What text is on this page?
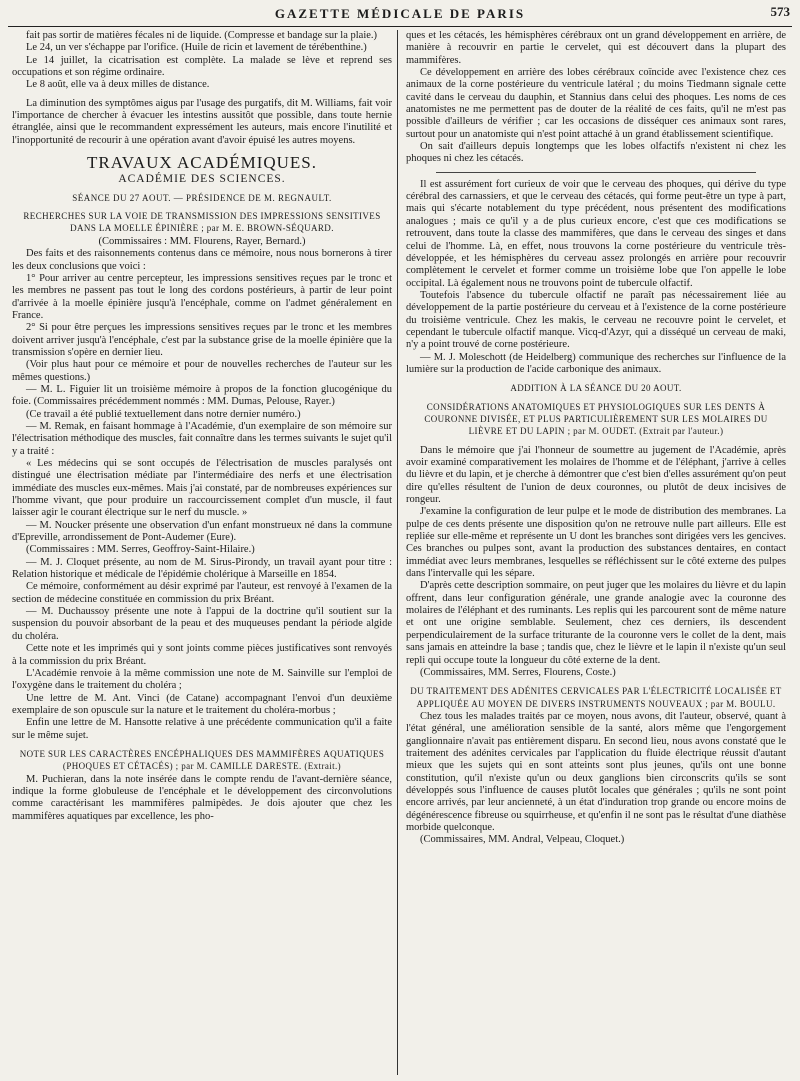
GAZETTE MÉDICALE DE PARIS	573

fait pas sortir de matières fécales ni de liquide. (Compresse et bandage sur la plaie.)

Le 24, un ver s'échappe par l'orifice. (Huile de ricin et lavement de térébenthine.)

Le 14 juillet, la cicatrisation est complète. La malade se lève et reprend ses occupations et son régime ordinaire.

Le 8 août, elle va à deux milles de distance.

La diminution des symptômes aigus par l'usage des purgatifs, dit M. Williams, fait voir l'importance de chercher à évacuer les intestins aussitôt que possible, dans toute hernie étranglée, ainsi que le recommandent expressément les auteurs, mais encore l'inutilité et l'inopportunité de recourir à une opération avant d'avoir épuisé les autres moyens.

TRAVAUX ACADÉMIQUES.
ACADÉMIE DES SCIENCES.
SÉANCE DU 27 AOUT. — PRÉSIDENCE DE M. REGNAULT.
RECHERCHES SUR LA VOIE DE TRANSMISSION DES IMPRESSIONS SENSITIVES DANS LA MOELLE ÉPINIÈRE ; par M. E. BROWN-SÉQUARD.

(Commissaires : MM. Flourens, Rayer, Bernard.)

Des faits et des raisonnements contenus dans ce mémoire, nous nous bornerons à tirer les deux conclusions que voici :

1° Pour arriver au centre percepteur, les impressions sensitives reçues par le tronc et les membres ne passent pas tout le long des cordons postérieurs, à partir de leur point d'arrivée à la moelle épinière jusqu'à l'encéphale, comme on l'admet généralement en France.

2° Si pour être perçues les impressions sensitives reçues par le tronc et les membres doivent arriver jusqu'à l'encéphale, c'est par la substance grise de la moelle épinière que la transmission s'opère en dernier lieu.

(Voir plus haut pour ce mémoire et pour de nouvelles recherches de l'auteur sur les mêmes questions.)

— M. L. Figuier lit un troisième mémoire à propos de la fonction glucogénique du foie. (Commissaires précédemment nommés : MM. Dumas, Pelouse, Rayer.)

(Ce travail a été publié textuellement dans notre dernier numéro.)

— M. Remak, en faisant hommage à l'Académie, d'un exemplaire de son mémoire sur l'électrisation méthodique des muscles, fait connaître dans les termes suivants le sujet qu'il y a traité :

« Les médecins qui se sont occupés de l'électrisation de muscles paralysés ont distingué une électrisation médiate par l'intermédiaire des nerfs et une électrisation immédiate des muscles eux-mêmes. Mais j'ai constaté, par de nombreuses expériences sur l'homme vivant, que pour produire un raccourcissement complet d'un muscle, il faut laisser agir le courant électrique sur le nerf du muscle. »

— M. Noucker présente une observation d'un enfant monstrueux né dans la commune d'Epreville, arrondissement de Pont-Audemer (Eure).

(Commissaires : MM. Serres, Geoffroy-Saint-Hilaire.)

— M. J. Cloquet présente, au nom de M. Sirus-Pirondy, un travail ayant pour titre : Relation historique et médicale de l'épidémie cholérique à Marseille en 1854.

Ce mémoire, conformément au désir exprimé par l'auteur, est renvoyé à l'examen de la section de médecine constituée en commission du prix Bréant.

— M. Duchaussoy présente une note à l'appui de la doctrine qu'il soutient sur la suspension du pouvoir absorbant de la peau et des muqueuses pendant la période algide du choléra.

Cette note et les imprimés qui y sont joints comme pièces justificatives sont renvoyés à la commission du prix Bréant.

L'Académie renvoie à la même commission une note de M. Sainville sur l'emploi de l'oxygène dans le traitement du choléra ;

Une lettre de M. Ant. Vinci (de Catane) accompagnant l'envoi d'un deuxième exemplaire de son opuscule sur la nature et le traitement du choléra-morbus ;

Enfin une lettre de M. Hansotte relative à une précédente communication qu'il a faite sur le même sujet.

NOTE SUR LES CARACTÈRES ENCÉPHALIQUES DES MAMMIFÈRES AQUATIQUES (PHOQUES ET CÉTACÉS) ; par M. CAMILLE DARESTE. (Extrait.)

M. Puchieran, dans la note insérée dans le compte rendu de l'avant-dernière séance, indique la forme globuleuse de l'encéphale et le développement des circonvolutions comme caractérisant les mammifères palmipèdes. Je dois ajouter que chez les mammifères aquatiques par excellence, les pho-

ques et les cétacés, les hémisphères cérébraux ont un grand développement en arrière, de manière à recouvrir en partie le cervelet, qui est découvert dans la plupart des mammifères.

Ce développement en arrière des lobes cérébraux coïncide avec l'existence chez ces animaux de la corne postérieure du ventricule latéral ; du moins Tiedmann signale cette cavité dans le cerveau du dauphin, et Stannius dans celui des phoques. Les noms de ces anatomistes ne me permettent pas de douter de la réalité de ces faits, qu'il ne m'est pas possible d'ailleurs de vérifier ; car les occasions de disséquer ces animaux sont rares, surtout pour un anatomiste qui n'est point attaché à un grand établissement scientifique.

On sait d'ailleurs depuis longtemps que les lobes olfactifs n'existent ni chez les phoques ni chez les cétacés.

Il est assurément fort curieux de voir que le cerveau des phoques, qui dérive du type cérébral des carnassiers, et que le cerveau des cétacés, qui forme peut-être un type à part, mais qui s'écarte notablement du type précédent, nous présentent des modifications analogues ; mais ce qu'il y a de plus curieux encore, c'est que ces modifications se retrouvent, dans toute la classe des mammifères, que dans le cerveau des singes et dans celui de l'homme. Là, en effet, nous trouvons la corne postérieure du ventricule très-développée, et les hémisphères du cerveau assez prolongés en arrière pour recouvrir complètement le cervelet et former comme un troisième lobe que l'on appelle le lobe occipital. Là également nous ne trouvons point de tubercule olfactif.

Toutefois l'absence du tubercule olfactif ne paraît pas nécessairement liée au développement de la partie postérieure du cerveau et à l'existence de la corne postérieure du troisième ventricule. Chez les makis, le cerveau ne recouvre point le cervelet, et cependant le tubercule olfactif manque. Vicq-d'Azyr, qui a disséqué un cerveau de maki, n'y a point trouvé de corne postérieure.

— M. J. Moleschott (de Heidelberg) communique des recherches sur l'influence de la lumière sur la production de l'acide carbonique des animaux.

ADDITION À LA SÉANCE DU 20 AOUT.
CONSIDÉRATIONS ANATOMIQUES ET PHYSIOLOGIQUES SUR LES DENTS À COURONNE DIVISÉE, ET PLUS PARTICULIÈREMENT SUR LES MOLAIRES DU LIÈVRE ET DU LAPIN ; par M. OUDET. (Extrait par l'auteur.)

Dans le mémoire que j'ai l'honneur de soumettre au jugement de l'Académie, après avoir examiné comparativement les molaires de l'homme et de l'éléphant, j'arrive à celles du lièvre et du lapin, et je cherche à démontrer que c'est bien d'elles assurément qu'on peut dire qu'elles résultent de l'union de deux couronnes, ou plutôt de deux incisives de rongeur.

J'examine la configuration de leur pulpe et le mode de distribution des membranes. La pulpe de ces dents présente une disposition qu'on ne retrouve nulle part ailleurs. Elle est repliée sur elle-même et représente un U dont les branches sont dirigées vers les gencives. Ces branches ou pulpes sont, avant la production des substances dentaires, en contact immédiat avec leurs membranes, lesquelles se réfléchissent sur le côté externe des pulpes dans l'intervalle qui les sépare.

D'après cette description sommaire, on peut juger que les molaires du lièvre et du lapin offrent, dans leur configuration générale, une grande analogie avec la couronne des molaires de l'éléphant et des ruminants. Les replis qui les parcourent sont de même nature et ont une origine semblable. Seulement, chez ces derniers, ils descendent perpendiculairement de la surface triturante de la couronne vers le collet de la dent, mais sans jamais en atteindre la base ; tandis que, chez le lièvre et le lapin il n'existe qu'un seul repli qui occupe toute la longueur du côté externe de la dent.

(Commissaires, MM. Serres, Flourens, Coste.)

DU TRAITEMENT DES ADÉNITES CERVICALES PAR L'ÉLECTRICITÉ LOCALISÉE ET APPLIQUÉE AU MOYEN DE DIVERS INSTRUMENTS NOUVEAUX ; par M. BOULU.

Chez tous les malades traités par ce moyen, nous avons, dit l'auteur, observé, quant à l'état général, une amélioration sensible de la santé, alors même que l'engorgement ganglionnaire n'avait pas entièrement disparu. En second lieu, nous avons constaté que le traitement des adénites cervicales par l'application du fluide électrique réussit d'autant mieux que les sujets qui en sont atteints sont plus jeunes, qu'ils ont une bonne constitution, qu'il n'existe qu'un ou deux ganglions bien circonscrits qu'ils se sont développés sous l'influence de causes plutôt locales que générales ; qu'ils ne sont point encore arrivés, par leur ancienneté, à un état d'induration trop grande ou encore moins de dégénérescence fibreuse ou squirrheuse, et qu'enfin il ne sont pas le résultat d'une diathèse morbide quelconque.

(Commissaires, MM. Andral, Velpeau, Cloquet.)
